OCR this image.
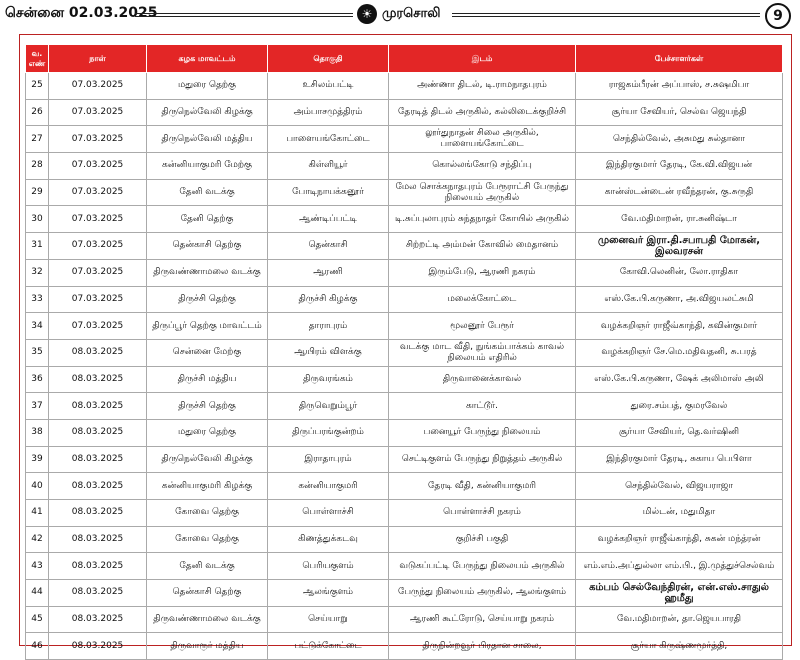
சென்னை 02.03.2025	☀ முரசொலி	9
வ. எண்	நாள்	கழக மாவட்டம்	தொகுதி	இடம்	பேச்சாளர்கள்
25	07.03.2025	மதுரை தெற்கு	உசிலம்பட்டி	அண்ணா திடல், டி.ராமநாதபுரம்	ராஜகம்பீரன் அப்பாஸ், ச.சுஷமிபா
26	07.03.2025	திருநெல்வேலி கிழக்கு	அம்பாசமுத்திரம்	தேரடித் திடல் அருகில், கல்லிடைக்குறிச்சி	சூர்யா சேவியர், செல்வ ஜெயந்தி
27	07.03.2025	திருநெல்வேலி மத்திய	பாளையங்கோட்டை	லூர்துநாதன் சிலை அருகில், பாளையங்கோட்டை	செந்தில்வேல், அசுமது சுல்தானா
28	07.03.2025	கன்னியாகுமரி மேற்கு	கிள்ளியூர்	கொல்லங்கோடு சந்திப்பு	இந்திரகுமார் தேரடி, கே.வி.விஜயன்
29	07.03.2025	தேனி வடக்கு	போடிநாயக்கனூர்	மேல சொக்கநாதபுரம் பேரூராட்சி பேருந்து நிலையம் அருகில்	கான்ஸ்டன்டைன் ரவீந்தரன், கு.சுருதி
30	07.03.2025	தேனி தெற்கு	ஆண்டிப்பட்டி	டி.சுப்புலாபுரம் சுந்தநாதர் கோயில் அருகில்	வே.மதிமாறன், ரா.சுனிஷ்டா
31	07.03.2025	தென்காசி தெற்கு	தென்காசி	சிற்றட்டி அம்மன் கோவில் மைதானம்	முனைவர் இரா.தி.சபாபதி மோகன், இலவரசன்
32	07.03.2025	திருவண்ணாமலை வடக்கு	ஆரணி	இரும்பேடு, ஆரணி நகரம்	கோவி.லெனின், லோ.ராதிகா
33	07.03.2025	திருச்சி தெற்கு	திருச்சி கிழக்கு	மலைக்கோட்டை	எஸ்.கே.பி.கருணா, அ.விஜயலட்சுமி
34	07.03.2025	திருப்பூர் தெற்கு மாவட்டம்	தாராபுரம்	மூலனூர் பேரூர்	வழக்கறிஞர் ராஜீவ்காந்தி, கவின்குமார்
35	08.03.2025	சென்னை மேற்கு	ஆயிரம் விளக்கு	வடக்கு மாட வீதி, நுங்கம்பாக்கம் காவல் நிலையம் எதிரில்	வழக்கறிஞர் சே.மெ.மதிவதனி, சு.பரத்
36	08.03.2025	திருச்சி மத்திய	திருவரங்கம்	திருவானைக்காவல்	எஸ்.கே.பி.கருணா, ஷேக் அலிமாஸ் அலி
37	08.03.2025	திருச்சி தெற்கு	திருவெறும்பூர்	காட்டூர்.	துரை.சம்பத், குமரவேல்
38	08.03.2025	மதுரை தெற்கு	திருப்பரங்குன்றம்	பனையூர் பேருந்து நிலையம்	சூர்யா சேவியர், தெ.வர்ஷினி
39	08.03.2025	திருநெல்வேலி கிழக்கு	இராதாபுரம்	செட்டிகுளம் பேருந்து நிறுத்தம் அருகில்	இந்திரகுமார் தேரடி, சுகாய பெபிளா
40	08.03.2025	கன்னியாகுமரி கிழக்கு	கன்னியாகுமரி	தேரடி வீதி, கன்னியாகுமரி	செந்தில்வேல், விஜயராஜா
41	08.03.2025	கோவை தெற்கு	பொள்ளாச்சி	பொள்ளாச்சி நகரம்	மில்டன், மதுமிதா
42	08.03.2025	கோவை தெற்கு	கிணத்துக்கடவு	குறிச்சி பகுதி	வழக்கறிஞர் ராஜீவ்காந்தி, சுகன் மந்த்ரன்
43	08.03.2025	தேனி வடக்கு	பெரியகுளம்	வடுகப்பட்டி பேருந்து நிலையம் அருகில்	எம்.எம்.அப்துல்லா எம்.பி., இ.முத்துச்செல்வம்
44	08.03.2025	தென்காசி தெற்கு	ஆலங்குளம்	பேருந்து நிலையம் அருகில், ஆலங்குளம்	கம்பம் செல்வேந்திரன், என்.எஸ்.சாதுல் ஹமீது
45	08.03.2025	திருவண்ணாமலை வடக்கு	செய்யாறு	ஆரணி கூட்ரோடு, செய்யாறு நகரம்	வே.மதிமாறன், தா.ஜெயபாரதி
46	08.03.2025	திருவாரூர் மத்திய	பட்டுக்கோட்டை	திருநின்றவூர் பிரதான சாலை,	சூர்யா கிருஷ்ணமூர்த்தி,
